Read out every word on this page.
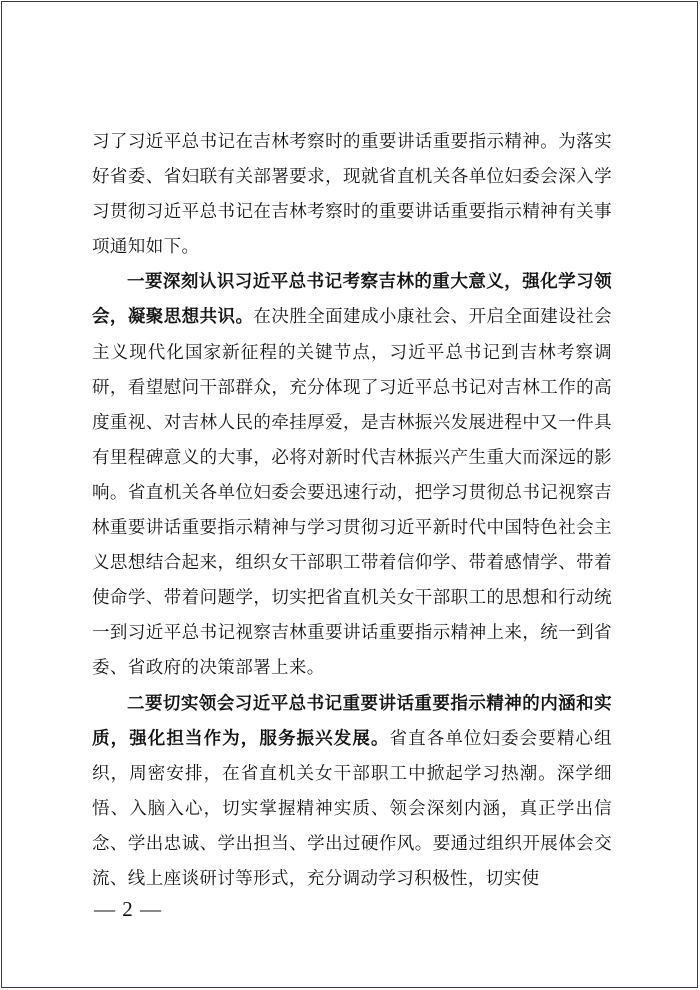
习了习近平总书记在吉林考察时的重要讲话重要指示精神。为落实好省委、省妇联有关部署要求，现就省直机关各单位妇委会深入学习贯彻习近平总书记在吉林考察时的重要讲话重要指示精神有关事项通知如下。

一要深刻认识习近平总书记考察吉林的重大意义，强化学习领会，凝聚思想共识。在决胜全面建成小康社会、开启全面建设社会主义现代化国家新征程的关键节点，习近平总书记到吉林考察调研，看望慰问干部群众，充分体现了习近平总书记对吉林工作的高度重视、对吉林人民的牵挂厚爱，是吉林振兴发展进程中又一件具有里程碑意义的大事，必将对新时代吉林振兴产生重大而深远的影响。省直机关各单位妇委会要迅速行动，把学习贯彻总书记视察吉林重要讲话重要指示精神与学习贯彻习近平新时代中国特色社会主义思想结合起来，组织女干部职工带着信仰学、带着感情学、带着使命学、带着问题学，切实把省直机关女干部职工的思想和行动统一到习近平总书记视察吉林重要讲话重要指示精神上来，统一到省委、省政府的决策部署上来。

二要切实领会习近平总书记重要讲话重要指示精神的内涵和实质，强化担当作为，服务振兴发展。省直各单位妇委会要精心组织，周密安排，在省直机关女干部职工中掀起学习热潮。深学细悟、入脑入心，切实掌握精神实质、领会深刻内涵，真正学出信念、学出忠诚、学出担当、学出过硬作风。要通过组织开展体会交流、线上座谈研讨等形式，充分调动学习积极性，切实使

— 2 —
